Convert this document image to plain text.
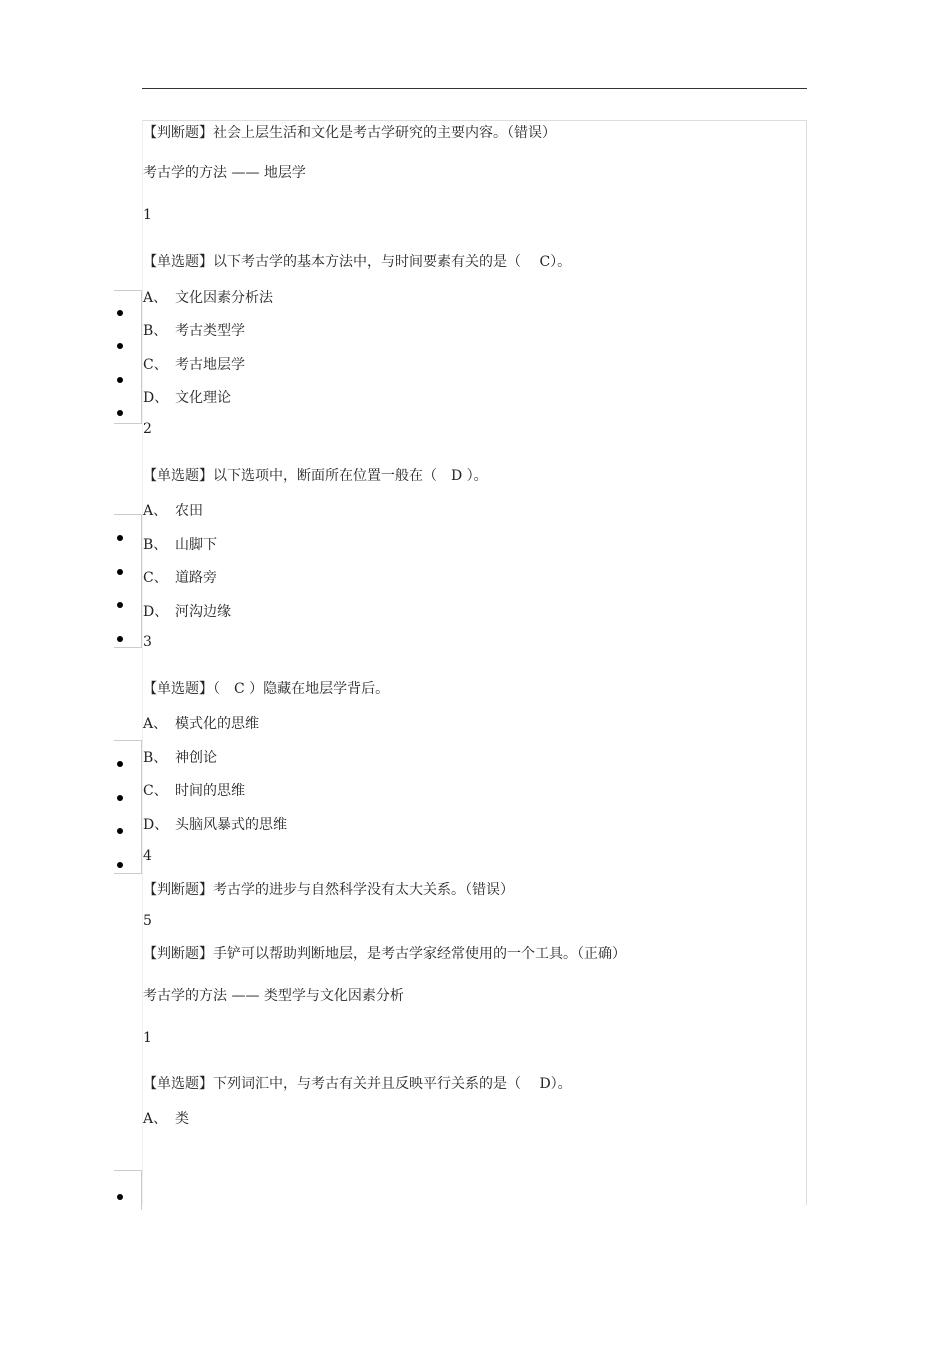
【判断题】社会上层生活和文化是考古学研究的主要内容。（错误）
考古学的方法 —— 地层学
1
【单选题】以下考古学的基本方法中，与时间要素有关的是（　 C）。
A、 文化因素分析法
B、 考古类型学
C、 考古地层学
D、 文化理论
2
【单选题】以下选项中，断面所在位置一般在（　D ）。
A、 农田
B、 山脚下
C、 道路旁
D、 河沟边缘
3
【单选题】（　C ）隐藏在地层学背后。
A、 模式化的思维
B、 神创论
C、 时间的思维
D、 头脑风暴式的思维
4
【判断题】考古学的进步与自然科学没有太大关系。（错误）
5
【判断题】手铲可以帮助判断地层，是考古学家经常使用的一个工具。（正确）
考古学的方法 —— 类型学与文化因素分析
1
【单选题】下列词汇中，与考古有关并且反映平行关系的是（　 D）。
A、 类
